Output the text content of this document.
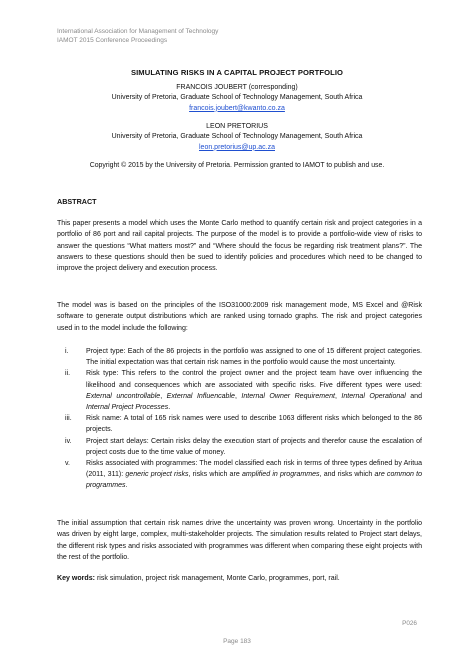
International Association for Management of Technology
IAMOT 2015 Conference Proceedings
SIMULATING RISKS IN A CAPITAL PROJECT PORTFOLIO
FRANCOIS JOUBERT (corresponding)
University of Pretoria, Graduate School of Technology Management, South Africa
francois.joubert@kwanto.co.za
LEON PRETORIUS
University of Pretoria, Graduate School of Technology Management, South Africa
leon.pretorius@up.ac.za
Copyright © 2015 by the University of Pretoria. Permission granted to IAMOT to publish and use.
ABSTRACT
This paper presents a model which uses the Monte Carlo method to quantify certain risk and project categories in a portfolio of 86 port and rail capital projects. The purpose of the model is to provide a portfolio-wide view of risks to answer the questions “What matters most?” and “Where should the focus be regarding risk treatment plans?”. The answers to these questions should then be sued to identify policies and procedures which need to be changed to improve the project delivery and execution process.
The model was is based on the principles of the ISO31000:2009 risk management mode, MS Excel and @Risk software to generate output distributions which are ranked using tornado graphs. The risk and project categories used in to the model include the following:
i. Project type: Each of the 86 projects in the portfolio was assigned to one of 15 different project categories. The initial expectation was that certain risk names in the portfolio would cause the most uncertainty.
ii. Risk type: This refers to the control the project owner and the project team have over influencing the likelihood and consequences which are associated with specific risks. Five different types were used: External uncontrollable, External Influencable, Internal Owner Requirement, Internal Operational and Internal Project Processes.
iii. Risk name: A total of 165 risk names were used to describe 1063 different risks which belonged to the 86 projects.
iv. Project start delays: Certain risks delay the execution start of projects and therefor cause the escalation of project costs due to the time value of money.
v. Risks associated with programmes: The model classified each risk in terms of three types defined by Aritua (2011, 311): generic project risks, risks which are amplified in programmes, and risks which are common to programmes.
The initial assumption that certain risk names drive the uncertainty was proven wrong. Uncertainty in the portfolio was driven by eight large, complex, multi-stakeholder projects. The simulation results related to Project start delays, the different risk types and risks associated with programmes was different when comparing these eight projects with the rest of the portfolio.
Key words: risk simulation, project risk management, Monte Carlo, programmes, port, rail.
P026
Page 183
